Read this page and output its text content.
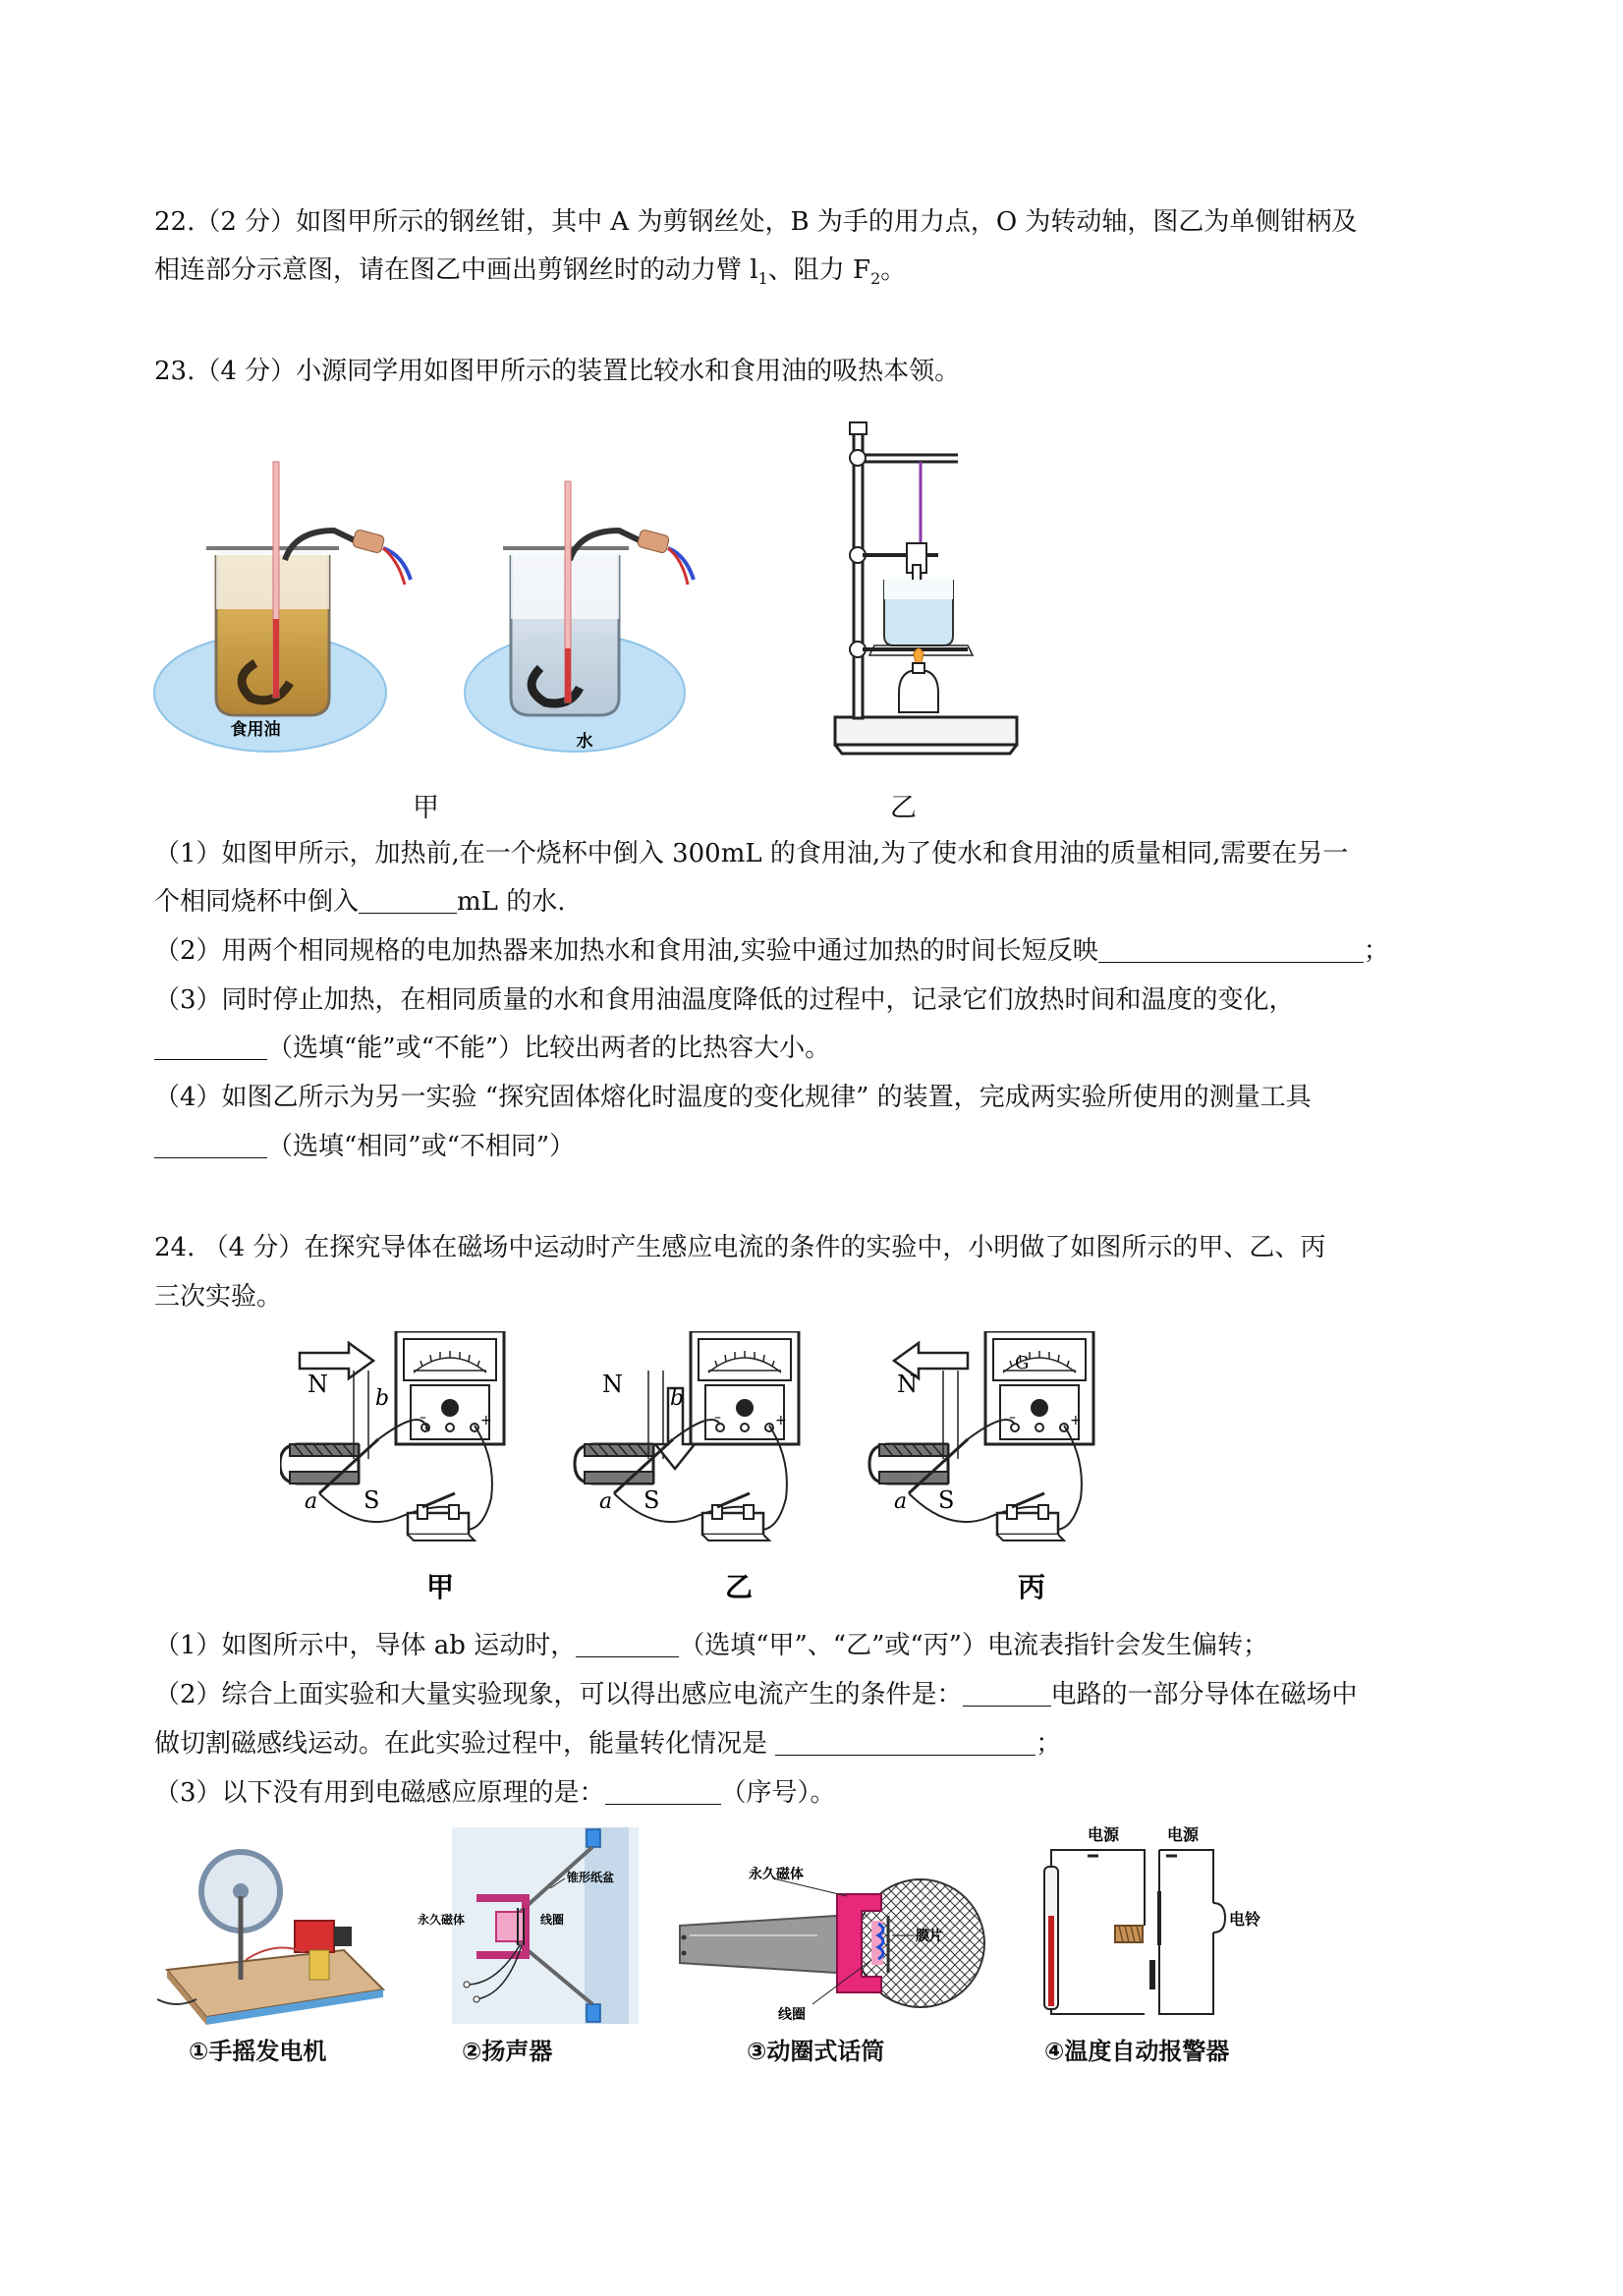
22.（2 分）如图甲所示的钢丝钳，其中 A 为剪钢丝处，B 为手的用力点，O 为转动轴，图乙为单侧钳柄及
相连部分示意图，请在图乙中画出剪钢丝时的动力臂 $l_1$、阻力 $F_2$。
23.（4 分）小源同学用如图甲所示的装置比较水和食用油的吸热本领。
食用油
水
甲	乙
（1）如图甲所示，加热前,在一个烧杯中倒入 300mL 的食用油,为了使水和食用油的质量相同,需要在另一
个相同烧杯中倒入	mL 的水.
（2）用两个相同规格的电加热器来加热水和食用油,实验中通过加热的时间长短反映	；
（3）同时停止加热，在相同质量的水和食用油温度降低的过程中，记录它们放热时间和温度的变化，
（选填“能”或“不能”）比较出两者的比热容大小。
（4）如图乙所示为另一实验 “探究固体熔化时温度的变化规律” 的装置，完成两实验所使用的测量工具
（选填“相同”或“不相同”）
24. （4 分）在探究导体在磁场中运动时产生感应电流的条件的实验中，小明做了如图所示的甲、乙、丙
三次实验。
–	+
N
S
a
b
N
S
a
b
G
N
S
a
甲	乙	丙
（1）如图所示中，导体 ab 运动时，	（选填“甲”、“乙”或“丙”）电流表指针会发生偏转；
（2）综合上面实验和大量实验现象，可以得出感应电流产生的条件是：	电路的一部分导体在磁场中
做切割磁感线运动。在此实验过程中，能量转化情况是	；
（3）以下没有用到电磁感应原理的是：	（序号）。
①手摇发电机
锥形纸盆
永久磁体	线圈
②扬声器
永久磁体
膜片
线圈
③动圈式话筒
电源	电源
电铃
④温度自动报警器
